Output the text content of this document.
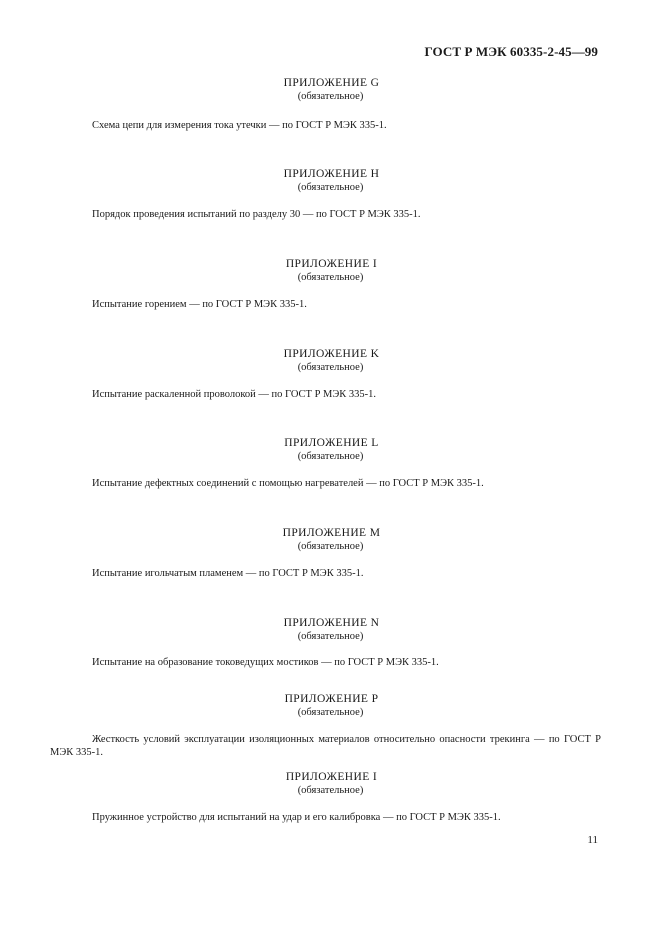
ГОСТ Р МЭК 60335-2-45—99
ПРИЛОЖЕНИЕ G
(обязательное)
Схема цепи для измерения тока утечки — по ГОСТ Р МЭК 335-1.
ПРИЛОЖЕНИЕ H
(обязательное)
Порядок проведения испытаний по разделу 30 — по ГОСТ Р МЭК 335-1.
ПРИЛОЖЕНИЕ I
(обязательное)
Испытание горением — по ГОСТ Р МЭК 335-1.
ПРИЛОЖЕНИЕ K
(обязательное)
Испытание раскаленной проволокой — по ГОСТ Р МЭК 335-1.
ПРИЛОЖЕНИЕ L
(обязательное)
Испытание дефектных соединений с помощью нагревателей — по ГОСТ Р МЭК 335-1.
ПРИЛОЖЕНИЕ M
(обязательное)
Испытание игольчатым пламенем — по ГОСТ Р МЭК 335-1.
ПРИЛОЖЕНИЕ N
(обязательное)
Испытание на образование токоведущих мостиков — по ГОСТ Р МЭК 335-1.
ПРИЛОЖЕНИЕ P
(обязательное)
Жесткость условий эксплуатации изоляционных материалов относительно опасности трекинга — по ГОСТ Р МЭК 335-1.
ПРИЛОЖЕНИЕ I
(обязательное)
Пружинное устройство для испытаний на удар и его калибровка — по ГОСТ Р МЭК 335-1.
11
